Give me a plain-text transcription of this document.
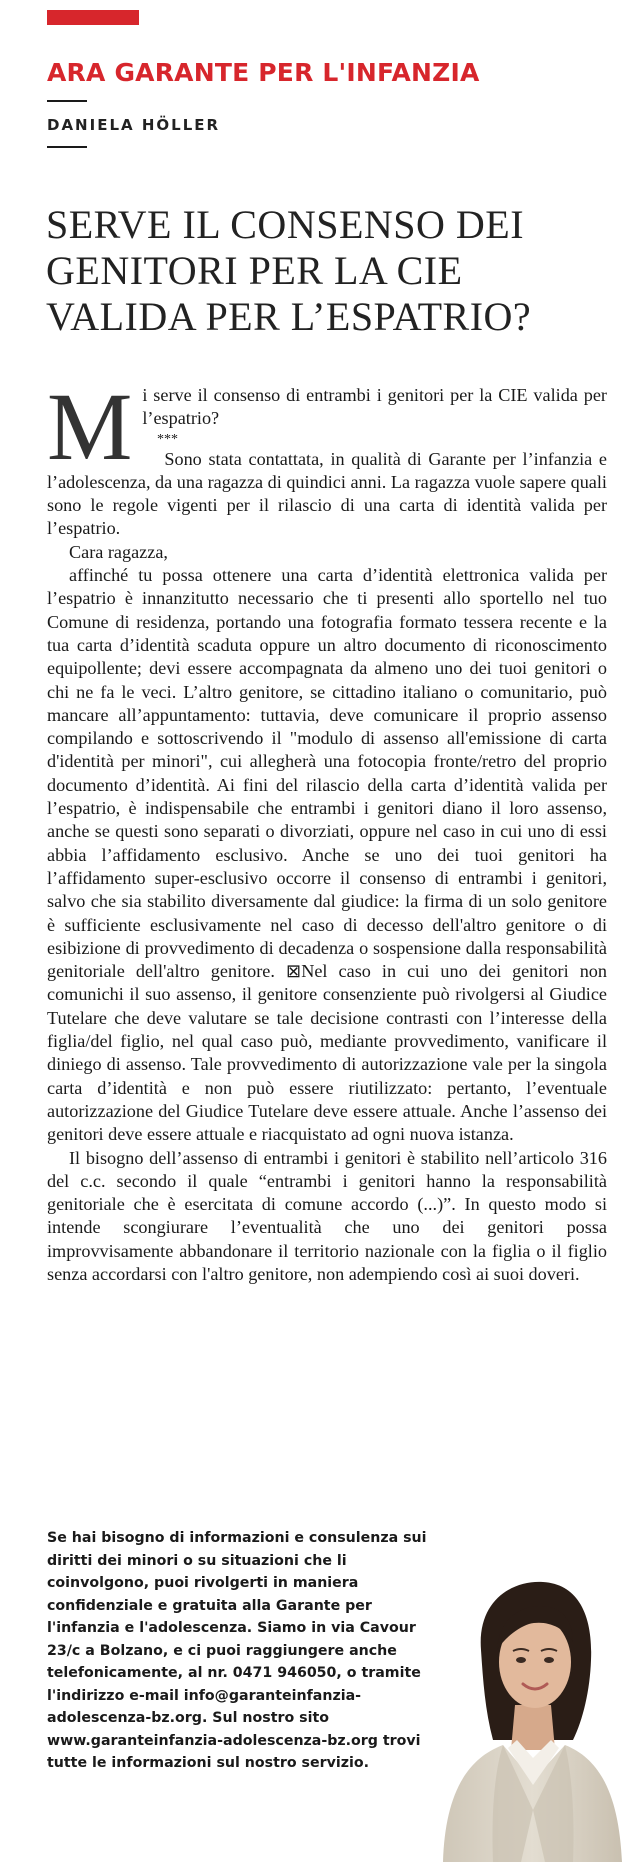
ARA GARANTE PER L'INFANZIA
DANIELA HÖLLER
SERVE IL CONSENSO DEI GENITORI PER LA CIE VALIDA PER L’ESPATRIO?
M i serve il consenso di entrambi i genitori per la CIE valida per l’espatrio?

***

Sono stata contattata, in qualità di Garante per l’infanzia e l’adolescenza, da una ragazza di quindici anni. La ragazza vuole sapere quali sono le regole vigenti per il rilascio di una carta di identità valida per l’espatrio.

Cara ragazza,

affinché tu possa ottenere una carta d’identità elettronica valida per l’espatrio è innanzitutto necessario che ti presenti allo sportello nel tuo Comune di residenza, portando una fotografia formato tessera recente e la tua carta d’identità scaduta oppure un altro documento di riconoscimento equipollente; devi essere accompagnata da almeno uno dei tuoi genitori o chi ne fa le veci. L’altro genitore, se cittadino italiano o comunitario, può mancare all’appuntamento: tuttavia, deve comunicare il proprio assenso compilando e sottoscrivendo il "modulo di assenso all'emissione di carta d'identità per minori", cui allegherà una fotocopia fronte/retro del proprio documento d’identità. Ai fini del rilascio della carta d’identità valida per l’espatrio, è indispensabile che entrambi i genitori diano il loro assenso, anche se questi sono separati o divorziati, oppure nel caso in cui uno di essi abbia l’affidamento esclusivo. Anche se uno dei tuoi genitori ha l’affidamento super-esclusivo occorre il consenso di entrambi i genitori, salvo che sia stabilito diversamente dal giudice: la firma di un solo genitore è sufficiente esclusivamente nel caso di decesso dell'altro genitore o di esibizione di provvedimento di decadenza o sospensione dalla responsabilità genitoriale dell'altro genitore. ⊠Nel caso in cui uno dei genitori non comunichi il suo assenso, il genitore consenziente può rivolgersi al Giudice Tutelare che deve valutare se tale decisione contrasti con l’interesse della figlia/del figlio, nel qual caso può, mediante provvedimento, vanificare il diniego di assenso. Tale provvedimento di autorizzazione vale per la singola carta d’identità e non può essere riutilizzato: pertanto, l’eventuale autorizzazione del Giudice Tutelare deve essere attuale. Anche l’assenso dei genitori deve essere attuale e riacquistato ad ogni nuova istanza.

Il bisogno dell’assenso di entrambi i genitori è stabilito nell’articolo 316 del c.c. secondo il quale “entrambi i genitori hanno la responsabilità genitoriale che è esercitata di comune accordo (...)”. In questo modo si intende scongiurare l’eventualità che uno dei genitori possa improvvisamente abbandonare il territorio nazionale con la figlia o il figlio senza accordarsi con l'altro genitore, non adempiendo così ai suoi doveri.

Se hai bisogno di informazioni e consulenza sui diritti dei minori o su situazioni che li coinvolgono, puoi rivolgerti in maniera confidenziale e gratuita alla Garante per l'infanzia e l'adolescenza. Siamo in via Cavour 23/c a Bolzano, e ci puoi raggiungere anche telefonicamente, al nr. 0471 946050, o tramite l'indirizzo e-mail info@garanteinfanzia-adolescenza-bz.org. Sul nostro sito www.garanteinfanzia-adolescenza-bz.org trovi tutte le informazioni sul nostro servizio.
